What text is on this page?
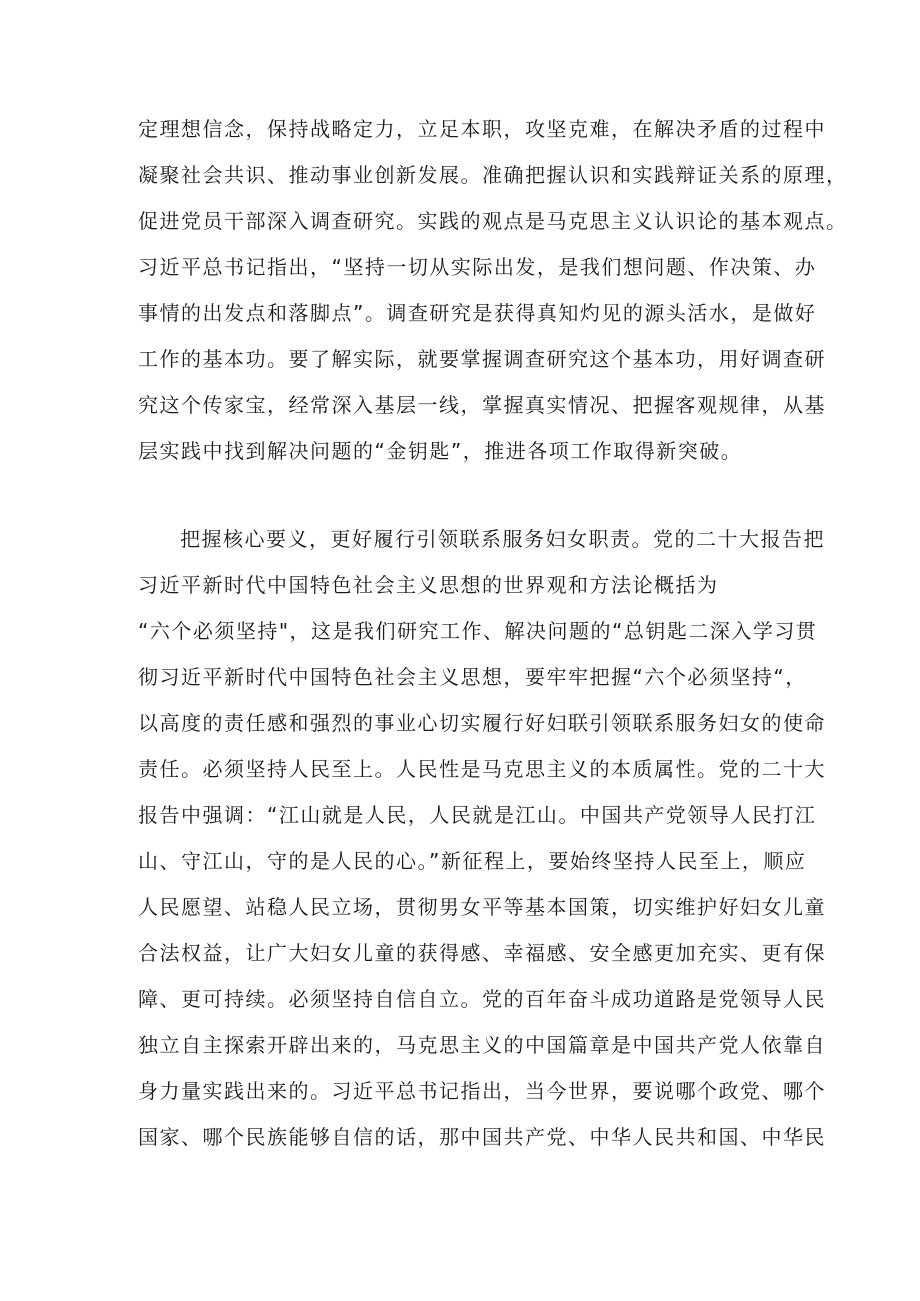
定理想信念，保持战略定力，立足本职，攻坚克难，在解决矛盾的过程中
凝聚社会共识、推动事业创新发展。准确把握认识和实践辩证关系的原理，
促进党员干部深入调查研究。实践的观点是马克思主义认识论的基本观点。
习近平总书记指出，“坚持一切从实际出发，是我们想问题、作决策、办
事情的出发点和落脚点”。调查研究是获得真知灼见的源头活水，是做好
工作的基本功。要了解实际，就要掌握调查研究这个基本功，用好调查研
究这个传家宝，经常深入基层一线，掌握真实情况、把握客观规律，从基
层实践中找到解决问题的“金钥匙”，推进各项工作取得新突破。
把握核心要义，更好履行引领联系服务妇女职责。党的二十大报告把
习近平新时代中国特色社会主义思想的世界观和方法论概括为
“六个必须坚持"，这是我们研究工作、解决问题的“总钥匙二深入学习贯
彻习近平新时代中国特色社会主义思想，要牢牢把握“六个必须坚持“，
以高度的责任感和强烈的事业心切实履行好妇联引领联系服务妇女的使命
责任。必须坚持人民至上。人民性是马克思主义的本质属性。党的二十大
报告中强调：“江山就是人民，人民就是江山。中国共产党领导人民打江
山、守江山，守的是人民的心。”新征程上，要始终坚持人民至上，顺应
人民愿望、站稳人民立场，贯彻男女平等基本国策，切实维护好妇女儿童
合法权益，让广大妇女儿童的获得感、幸福感、安全感更加充实、更有保
障、更可持续。必须坚持自信自立。党的百年奋斗成功道路是党领导人民
独立自主探索开辟出来的，马克思主义的中国篇章是中国共产党人依靠自
身力量实践出来的。习近平总书记指出，当今世界，要说哪个政党、哪个
国家、哪个民族能够自信的话，那中国共产党、中华人民共和国、中华民
